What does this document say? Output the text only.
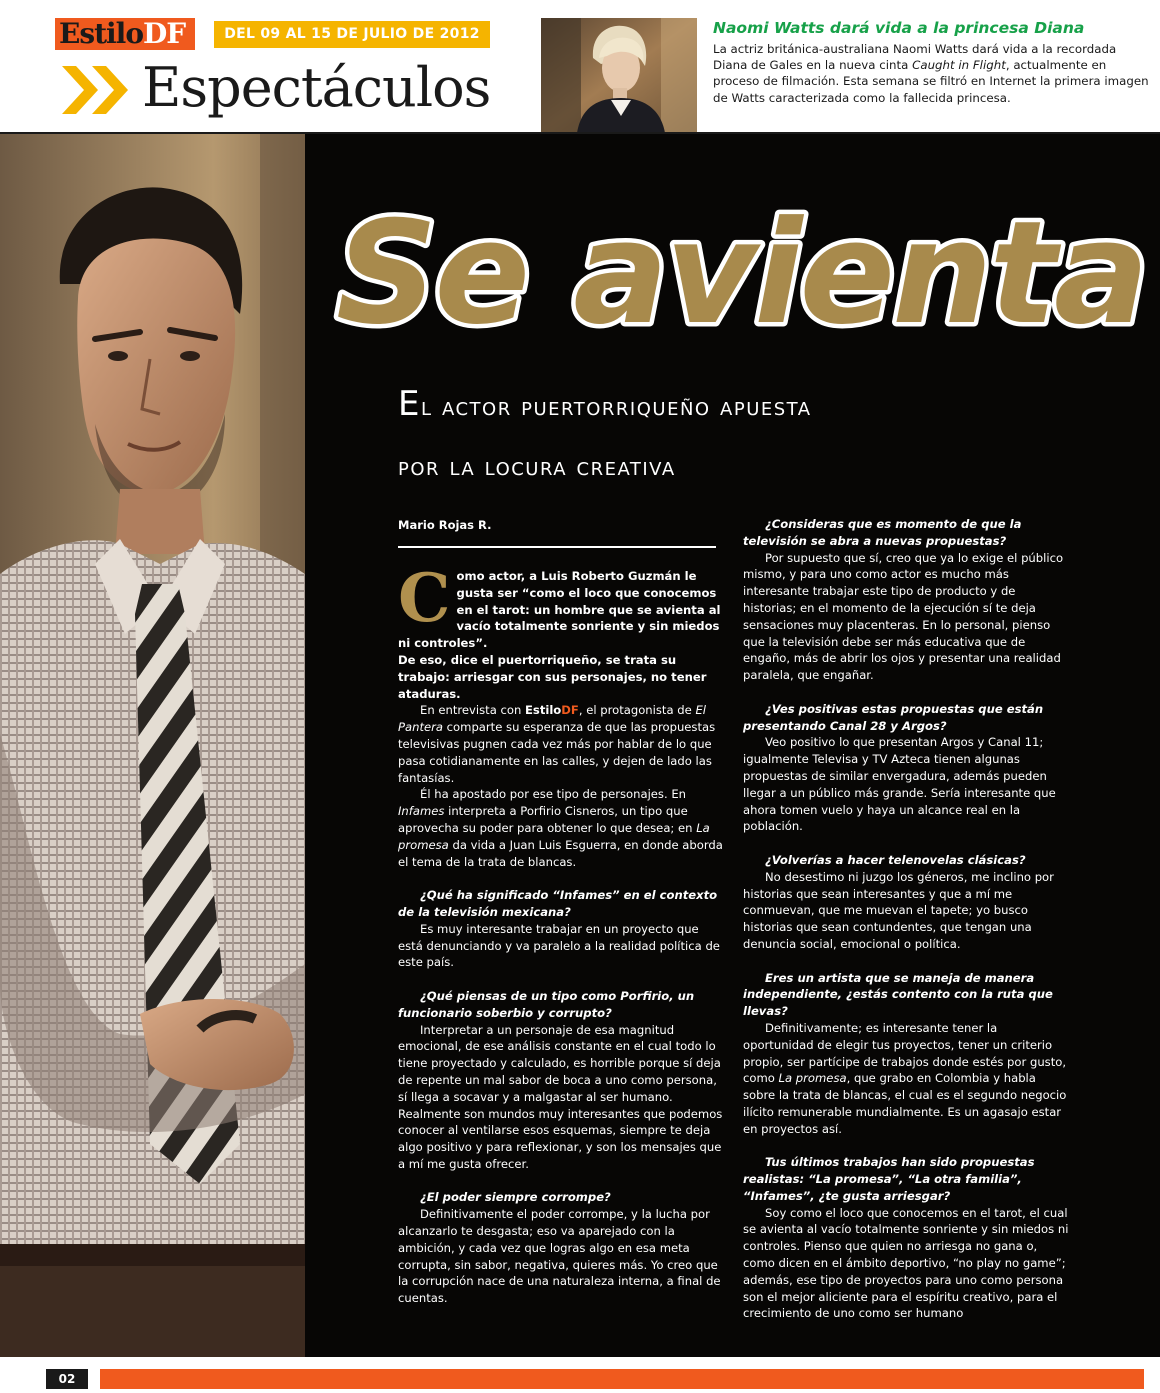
EstiloDF	DEL 09 AL 15 DE JULIO DE 2012
Espectáculos
Naomi Watts dará vida a la princesa Diana
La actriz británica-australiana Naomi Watts dará vida a la recordada Diana de Gales en la nueva cinta Caught in Flight, actualmente en proceso de filmación. Esta semana se filtró en Internet la primera imagen de Watts caracterizada como la fallecida princesa.
Se avienta
El actor puertorriqueño apuesta
por la locura creativa
Mario Rojas R.

Como actor, a Luis Roberto Guzmán le gusta ser “como el loco que conocemos en el tarot: un hombre que se avienta al vacío totalmente sonriente y sin miedos ni controles”.
De eso, dice el puertorriqueño, se trata su trabajo: arriesgar con sus personajes, no tener ataduras.

En entrevista con EstiloDF, el protagonista de El Pantera comparte su esperanza de que las propuestas televisivas pugnen cada vez más por hablar de lo que pasa cotidianamente en las calles, y dejen de lado las fantasías.

Él ha apostado por ese tipo de personajes. En Infames interpreta a Porfirio Cisneros, un tipo que aprovecha su poder para obtener lo que desea; en La promesa da vida a Juan Luis Esguerra, en donde aborda el tema de la trata de blancas.

¿Qué ha significado “Infames” en el contexto de la televisión mexicana?

Es muy interesante trabajar en un proyecto que está denunciando y va paralelo a la realidad política de este país.

¿Qué piensas de un tipo como Porfirio, un funcionario soberbio y corrupto?

Interpretar a un personaje de esa magnitud emocional, de ese análisis constante en el cual todo lo tiene proyectado y calculado, es horrible porque sí deja de repente un mal sabor de boca a uno como persona, sí llega a socavar y a malgastar al ser humano. Realmente son mundos muy interesantes que podemos conocer al ventilarse esos esquemas, siempre te deja algo positivo y para reflexionar, y son los mensajes que a mí me gusta ofrecer.

¿El poder siempre corrompe?

Definitivamente el poder corrompe, y la lucha por alcanzarlo te desgasta; eso va aparejado con la ambición, y cada vez que logras algo en esa meta corrupta, sin sabor, negativa, quieres más. Yo creo que la corrupción nace de una naturaleza interna, a final de cuentas.

¿Consideras que es momento de que la televisión se abra a nuevas propuestas?

Por supuesto que sí, creo que ya lo exige el público mismo, y para uno como actor es mucho más interesante trabajar este tipo de producto y de historias; en el momento de la ejecución sí te deja sensaciones muy placenteras. En lo personal, pienso que la televisión debe ser más educativa que de engaño, más de abrir los ojos y presentar una realidad paralela, que engañar.

¿Ves positivas estas propuestas que están presentando Canal 28 y Argos?

Veo positivo lo que presentan Argos y Canal 11; igualmente Televisa y TV Azteca tienen algunas propuestas de similar envergadura, además pueden llegar a un público más grande. Sería interesante que ahora tomen vuelo y haya un alcance real en la población.

¿Volverías a hacer telenovelas clásicas?

No desestimo ni juzgo los géneros, me inclino por historias que sean interesantes y que a mí me conmuevan, que me muevan el tapete; yo busco historias que sean contundentes, que tengan una denuncia social, emocional o política.

Eres un artista que se maneja de manera independiente, ¿estás contento con la ruta que llevas?

Definitivamente; es interesante tener la oportunidad de elegir tus proyectos, tener un criterio propio, ser partícipe de trabajos donde estés por gusto, como La promesa, que grabo en Colombia y habla sobre la trata de blancas, el cual es el segundo negocio ilícito remunerable mundialmente. Es un agasajo estar en proyectos así.

Tus últimos trabajos han sido propuestas realistas: “La promesa”, “La otra familia”, “Infames”, ¿te gusta arriesgar?

Soy como el loco que conocemos en el tarot, el cual se avienta al vacío totalmente sonriente y sin miedos ni controles. Pienso que quien no arriesga no gana o, como dicen en el ámbito deportivo, “no play no game”; además, ese tipo de proyectos para uno como persona son el mejor aliciente para el espíritu creativo, para el crecimiento de uno como ser humano

02
